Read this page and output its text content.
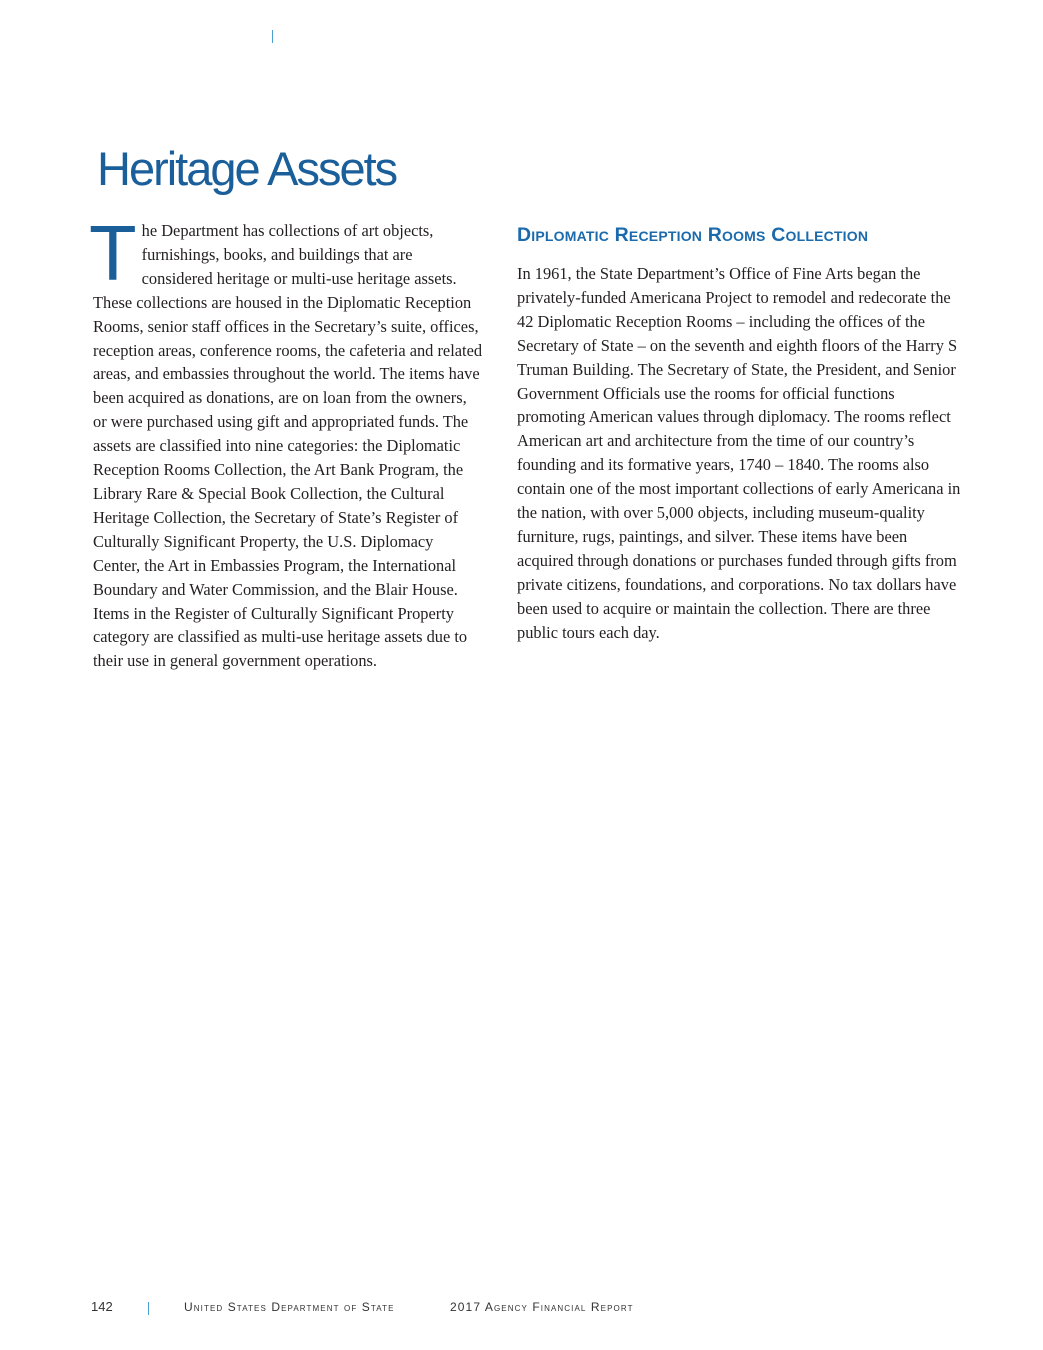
Heritage Assets
T he Department has collections of art objects, furnishings, books, and buildings that are considered heritage or multi-use heritage assets. These collections are housed in the Diplomatic Reception Rooms, senior staff offices in the Secretary’s suite, offices, reception areas, conference rooms, the cafeteria and related areas, and embassies throughout the world. The items have been acquired as donations, are on loan from the owners, or were purchased using gift and appropriated funds. The assets are classified into nine categories: the Diplomatic Reception Rooms Collection, the Art Bank Program, the Library Rare & Special Book Collection, the Cultural Heritage Collection, the Secretary of State’s Register of Culturally Significant Property, the U.S. Diplomacy Center, the Art in Embassies Program, the International Boundary and Water Commission, and the Blair House. Items in the Register of Culturally Significant Property category are classified as multi-use heritage assets due to their use in general government operations.

Diplomatic Reception Rooms Collection

In 1961, the State Department’s Office of Fine Arts began the privately-funded Americana Project to remodel and redecorate the 42 Diplomatic Reception Rooms – including the offices of the Secretary of State – on the seventh and eighth floors of the Harry S Truman Building. The Secretary of State, the President, and Senior Government Officials use the rooms for official functions promoting American values through diplomacy. The rooms reflect American art and architecture from the time of our country’s founding and its formative years, 1740 – 1840. The rooms also contain one of the most important collections of early Americana in the nation, with over 5,000 objects, including museum-quality furniture, rugs, paintings, and silver. These items have been acquired through donations or purchases funded through gifts from private citizens, foundations, and corporations. No tax dollars have been used to acquire or maintain the collection. There are three public tours each day.

142	United States Department of State	2017 Agency Financial Report
